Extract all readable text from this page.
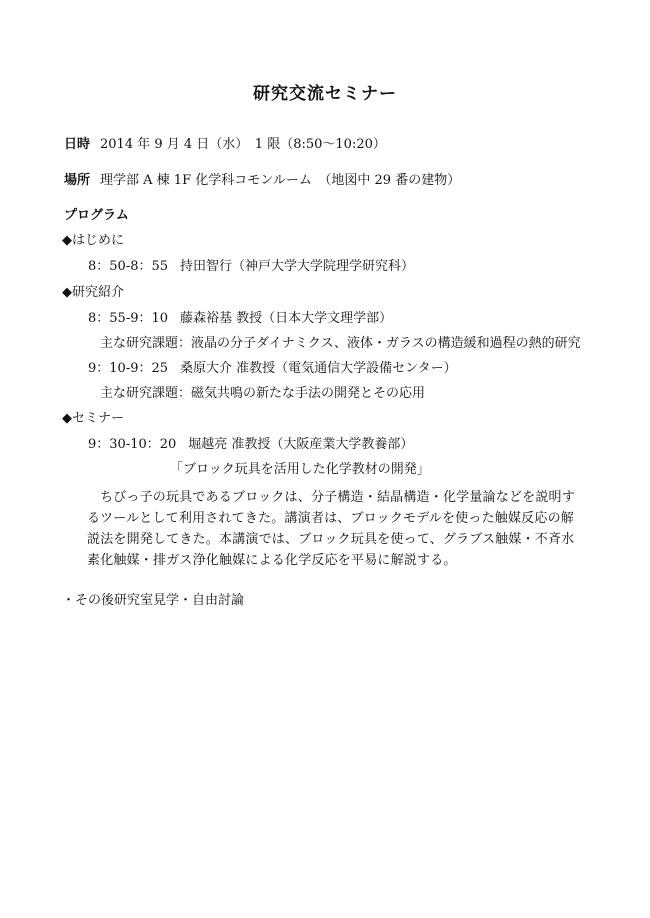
研究交流セミナー
日時 2014 年 9 月 4 日（水）　1 限（8:50～10:20）
場所 理学部 A 棟 1F 化学科コモンルーム　（地図中 29 番の建物）
プログラム
◆はじめに
8：50-8：55 持田智行（神戸大学大学院理学研究科）
◆研究紹介
8：55-9：10 藤森裕基 教授（日本大学文理学部）
主な研究課題：液晶の分子ダイナミクス、液体・ガラスの構造緩和過程の熱的研究
9：10-9：25 桑原大介 准教授（電気通信大学設備センター）
主な研究課題：磁気共鳴の新たな手法の開発とその応用
◆セミナー
9：30-10：20 堀越亮 准教授（大阪産業大学教養部）
「ブロック玩具を活用した化学教材の開発」
ちびっ子の玩具であるブロックは、分子構造・結晶構造・化学量論などを説明するツールとして利用されてきた。講演者は、ブロックモデルを使った触媒反応の解説法を開発してきた。本講演では、ブロック玩具を使って、グラブス触媒・不斉水素化触媒・排ガス浄化触媒による化学反応を平易に解説する。
・その後研究室見学・自由討論
